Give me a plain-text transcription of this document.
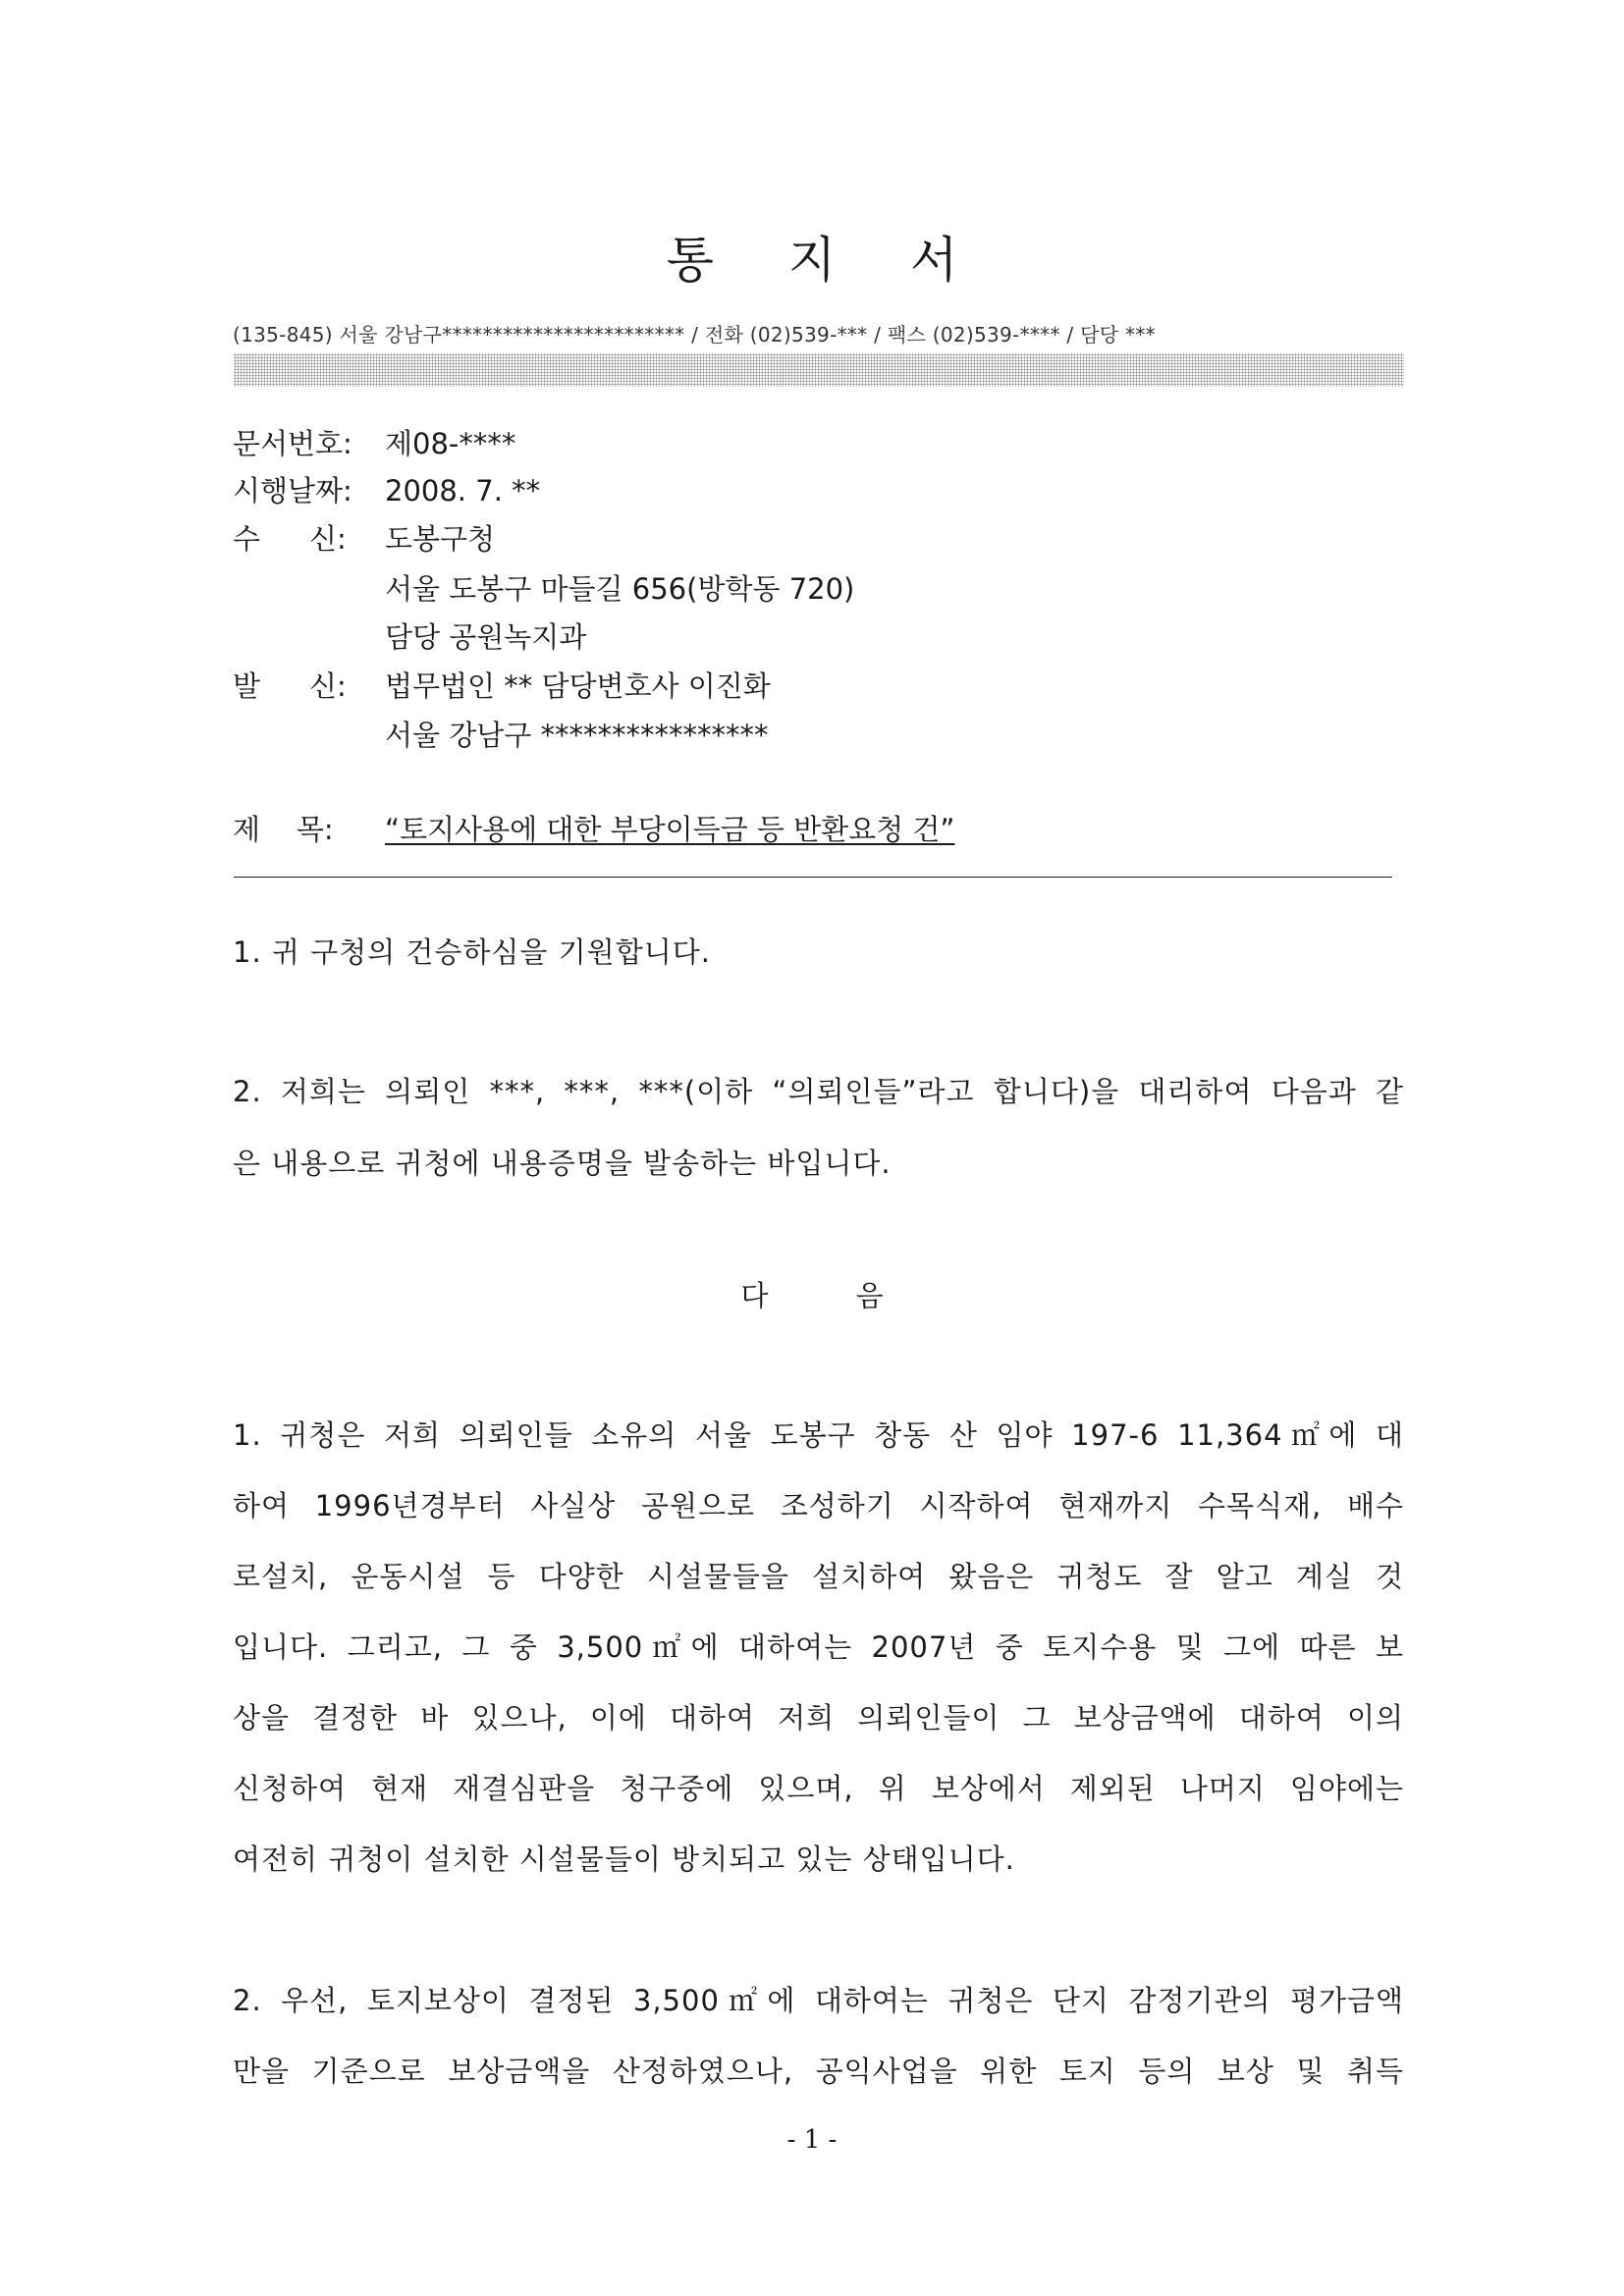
통 지 서
(135-845) 서울 강남구************************ / 전화 (02)539-*** / 팩스 (02)539-**** / 담당 ***
문서번호: 제08-****
시행날짜: 2008. 7. **
수 신: 도봉구청
서울 도봉구 마들길 656(방학동 720)
담당 공원녹지과
발 신: 법무법인 ** 담당변호사 이진화
서울 강남구 ****************
제    목: “토지사용에 대한 부당이득금 등 반환요청 건”
1. 귀 구청의 건승하심을 기원합니다.
2. 저희는 의뢰인 ***, ***, ***(이하 “의뢰인들”라고 합니다)을 대리하여 다음과 같
은 내용으로 귀청에 내용증명을 발송하는 바입니다.
다 음
1. 귀청은 저희 의뢰인들 소유의 서울 도봉구 창동 산 임야 197-6 11,364㎡에 대
하여 1996년경부터 사실상 공원으로 조성하기 시작하여 현재까지 수목식재, 배수
로설치, 운동시설 등 다양한 시설물들을 설치하여 왔음은 귀청도 잘 알고 계실 것
입니다. 그리고, 그 중 3,500㎡에 대하여는 2007년 중 토지수용 및 그에 따른 보
상을 결정한 바 있으나, 이에 대하여 저희 의뢰인들이 그 보상금액에 대하여 이의
신청하여 현재 재결심판을 청구중에 있으며, 위 보상에서 제외된 나머지 임야에는
여전히 귀청이 설치한 시설물들이 방치되고 있는 상태입니다.
2. 우선, 토지보상이 결정된 3,500㎡에 대하여는 귀청은 단지 감정기관의 평가금액
만을 기준으로 보상금액을 산정하였으나, 공익사업을 위한 토지 등의 보상 및 취득
- 1 -
